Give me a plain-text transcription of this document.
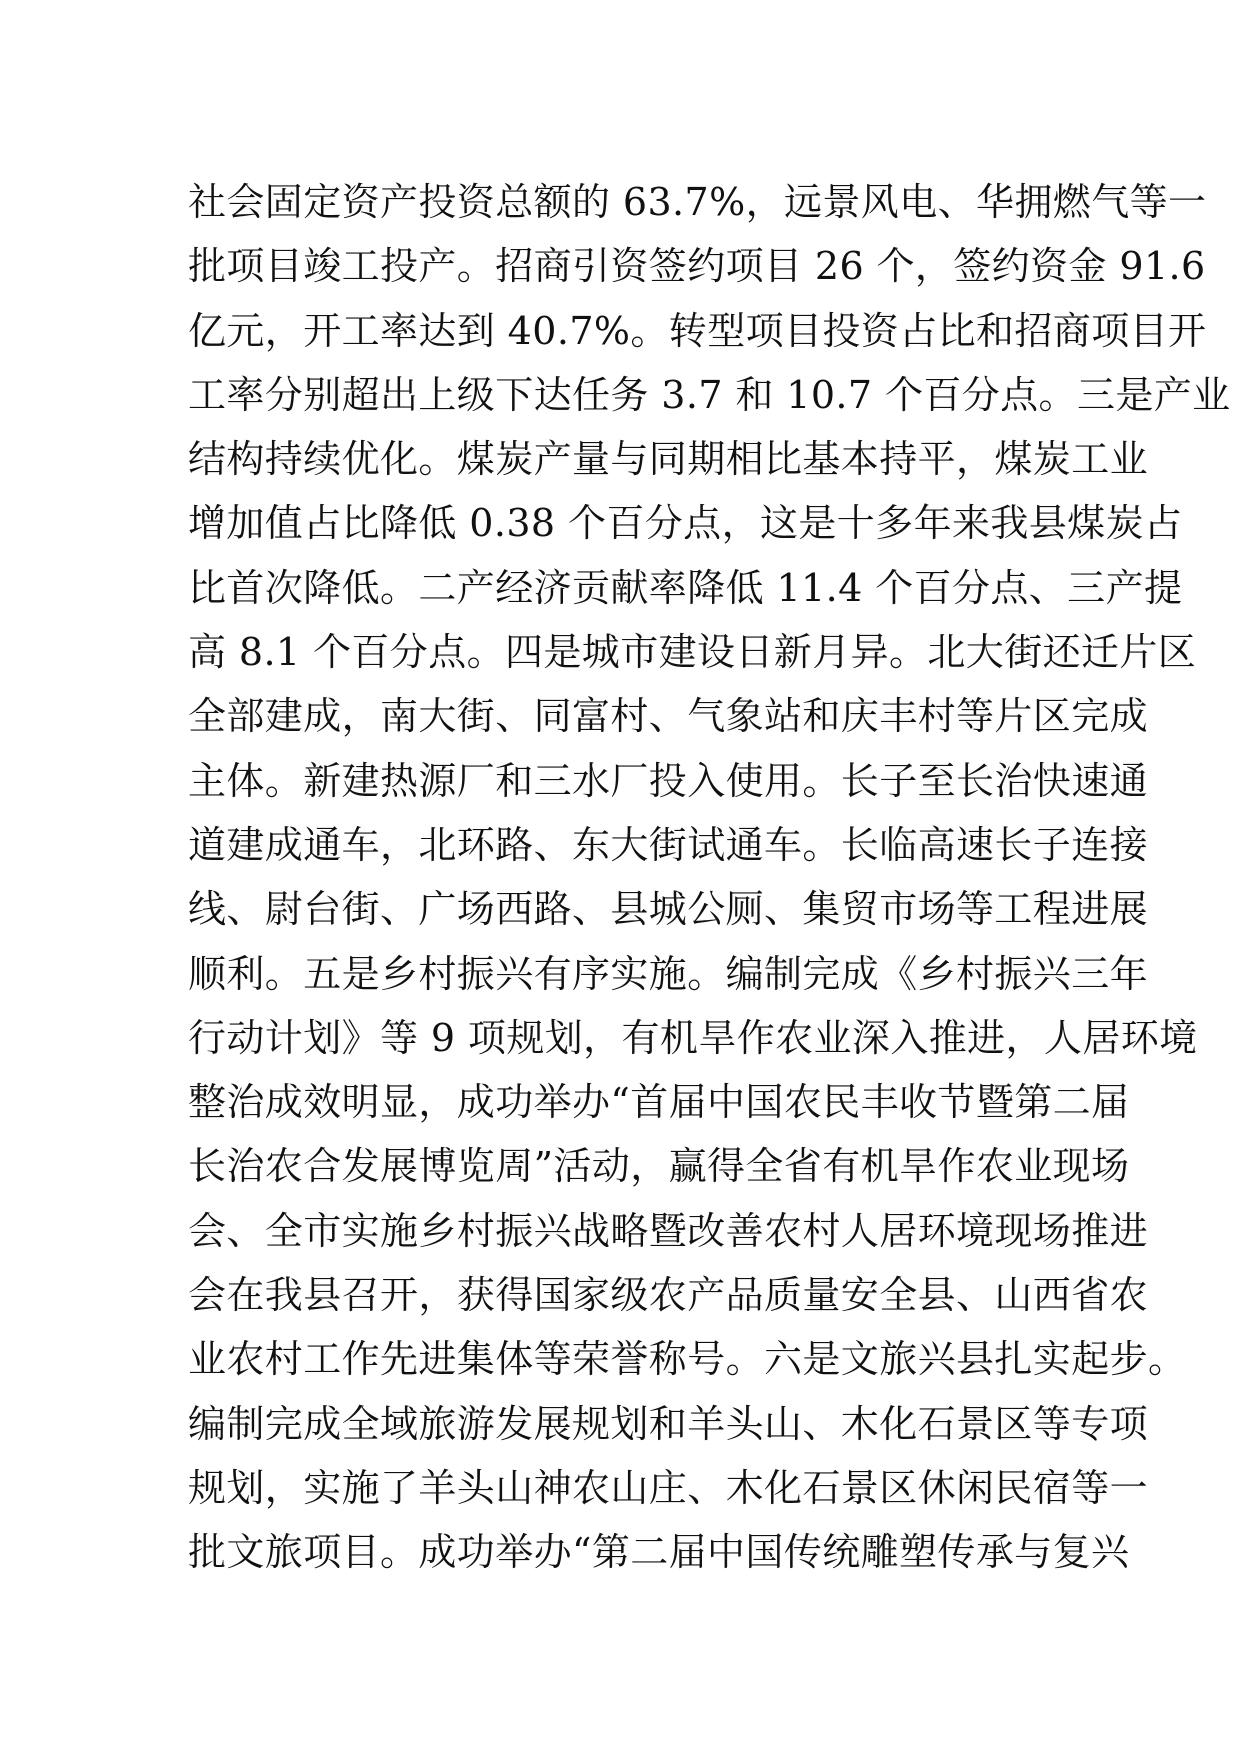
社会固定资产投资总额的 63.7%，远景风电、华拥燃气等一
批项目竣工投产。招商引资签约项目 26 个，签约资金 91.6
亿元，开工率达到 40.7%。转型项目投资占比和招商项目开
工率分别超出上级下达任务 3.7 和 10.7 个百分点。三是产业
结构持续优化。煤炭产量与同期相比基本持平，煤炭工业
增加值占比降低 0.38 个百分点，这是十多年来我县煤炭占
比首次降低。二产经济贡献率降低 11.4 个百分点、三产提
高 8.1 个百分点。四是城市建设日新月异。北大街还迁片区
全部建成，南大街、同富村、气象站和庆丰村等片区完成
主体。新建热源厂和三水厂投入使用。长子至长治快速通
道建成通车，北环路、东大街试通车。长临高速长子连接
线、尉台街、广场西路、县城公厕、集贸市场等工程进展
顺利。五是乡村振兴有序实施。编制完成《乡村振兴三年
行动计划》等 9 项规划，有机旱作农业深入推进，人居环境
整治成效明显，成功举办“首届中国农民丰收节暨第二届
长治农合发展博览周”活动，赢得全省有机旱作农业现场
会、全市实施乡村振兴战略暨改善农村人居环境现场推进
会在我县召开，获得国家级农产品质量安全县、山西省农
业农村工作先进集体等荣誉称号。六是文旅兴县扎实起步。
编制完成全域旅游发展规划和羊头山、木化石景区等专项
规划，实施了羊头山神农山庄、木化石景区休闲民宿等一
批文旅项目。成功举办“第二届中国传统雕塑传承与复兴
